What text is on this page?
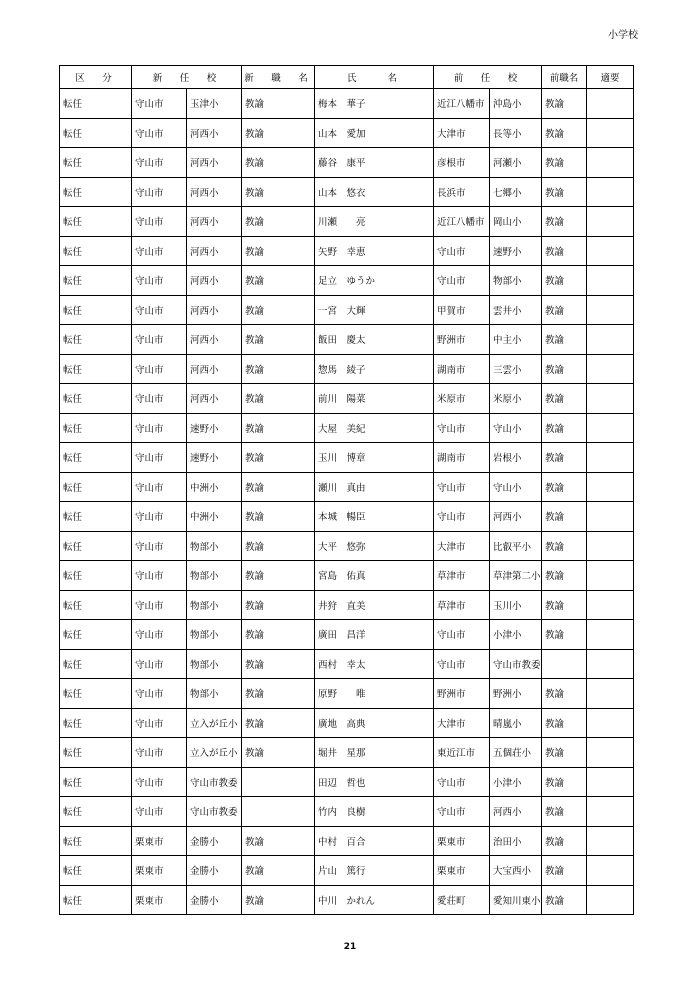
小学校
区　分	新　任　校		新　職　名	氏　　名	前　任　校		前職名	適要
転任	守山市	玉津小	教諭	梅本　華子	近江八幡市	沖島小	教諭	
転任	守山市	河西小	教諭	山本　愛加	大津市	長等小	教諭	
転任	守山市	河西小	教諭	藤谷　康平	彦根市	河瀬小	教諭	
転任	守山市	河西小	教諭	山本　悠衣	長浜市	七郷小	教諭	
転任	守山市	河西小	教諭	川瀬　　亮	近江八幡市	岡山小	教諭	
転任	守山市	河西小	教諭	矢野　幸恵	守山市	速野小	教諭	
転任	守山市	河西小	教諭	足立　ゆうか	守山市	物部小	教諭	
転任	守山市	河西小	教諭	一宮　大輝	甲賀市	雲井小	教諭	
転任	守山市	河西小	教諭	飯田　慶太	野洲市	中主小	教諭	
転任	守山市	河西小	教諭	惣馬　綾子	湖南市	三雲小	教諭	
転任	守山市	河西小	教諭	前川　陽菜	米原市	米原小	教諭	
転任	守山市	速野小	教諭	大屋　美紀	守山市	守山小	教諭	
転任	守山市	速野小	教諭	玉川　博章	湖南市	岩根小	教諭	
転任	守山市	中洲小	教諭	瀬川　真由	守山市	守山小	教諭	
転任	守山市	中洲小	教諭	本城　暢臣	守山市	河西小	教諭	
転任	守山市	物部小	教諭	大平　悠弥	大津市	比叡平小	教諭	
転任	守山市	物部小	教諭	宮島　佑真	草津市	草津第二小	教諭	
転任	守山市	物部小	教諭	井狩　直美	草津市	玉川小	教諭	
転任	守山市	物部小	教諭	廣田　昌洋	守山市	小津小	教諭	
転任	守山市	物部小	教諭	西村　幸太	守山市	守山市教委		
転任	守山市	物部小	教諭	原野　　唯	野洲市	野洲小	教諭	
転任	守山市	立入が丘小	教諭	廣地　高典	大津市	晴嵐小	教諭	
転任	守山市	立入が丘小	教諭	堀井　星那	東近江市	五個荘小	教諭	
転任	守山市	守山市教委		田辺　哲也	守山市	小津小	教諭	
転任	守山市	守山市教委		竹内　良樹	守山市	河西小	教諭	
転任	栗東市	金勝小	教諭	中村　百合	栗東市	治田小	教諭	
転任	栗東市	金勝小	教諭	片山　篤行	栗東市	大宝西小	教諭	
転任	栗東市	金勝小	教諭	中川　かれん	愛荘町	愛知川東小	教諭	
21
